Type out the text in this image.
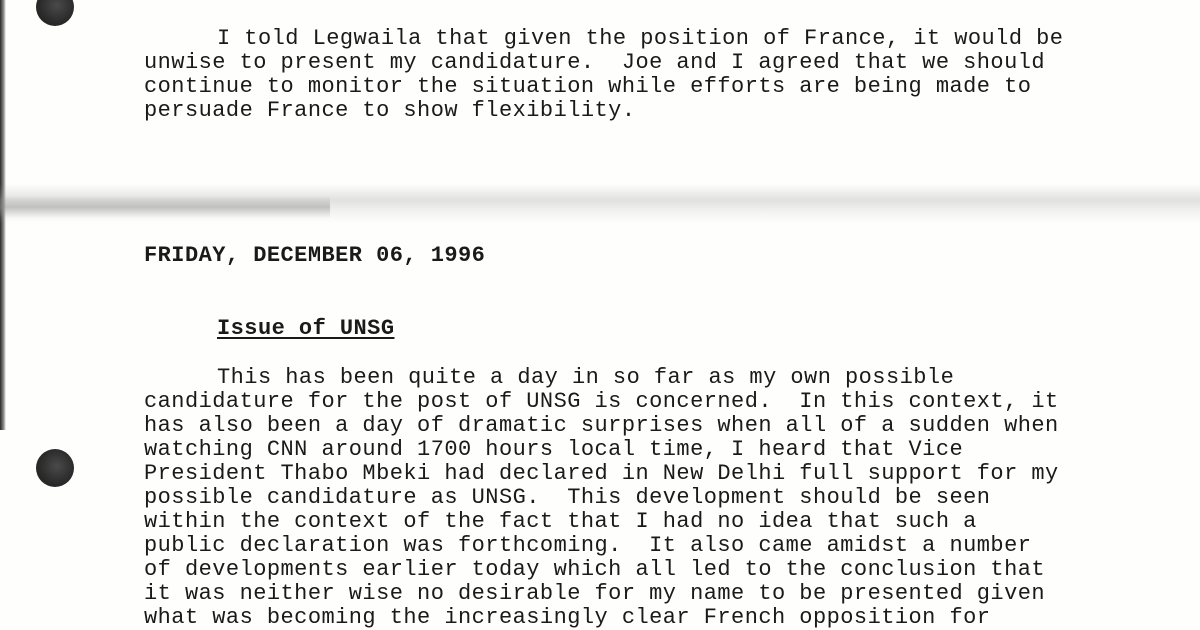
I told Legwaila that given the position of France, it would be
unwise to present my candidature.  Joe and I agreed that we should
continue to monitor the situation while efforts are being made to
persuade France to show flexibility.
FRIDAY, DECEMBER 06, 1996
Issue of UNSG
This has been quite a day in so far as my own possible
candidature for the post of UNSG is concerned.  In this context, it
has also been a day of dramatic surprises when all of a sudden when
watching CNN around 1700 hours local time, I heard that Vice
President Thabo Mbeki had declared in New Delhi full support for my
possible candidature as UNSG.  This development should be seen
within the context of the fact that I had no idea that such a
public declaration was forthcoming.  It also came amidst a number
of developments earlier today which all led to the conclusion that
it was neither wise no desirable for my name to be presented given
what was becoming the increasingly clear French opposition for
